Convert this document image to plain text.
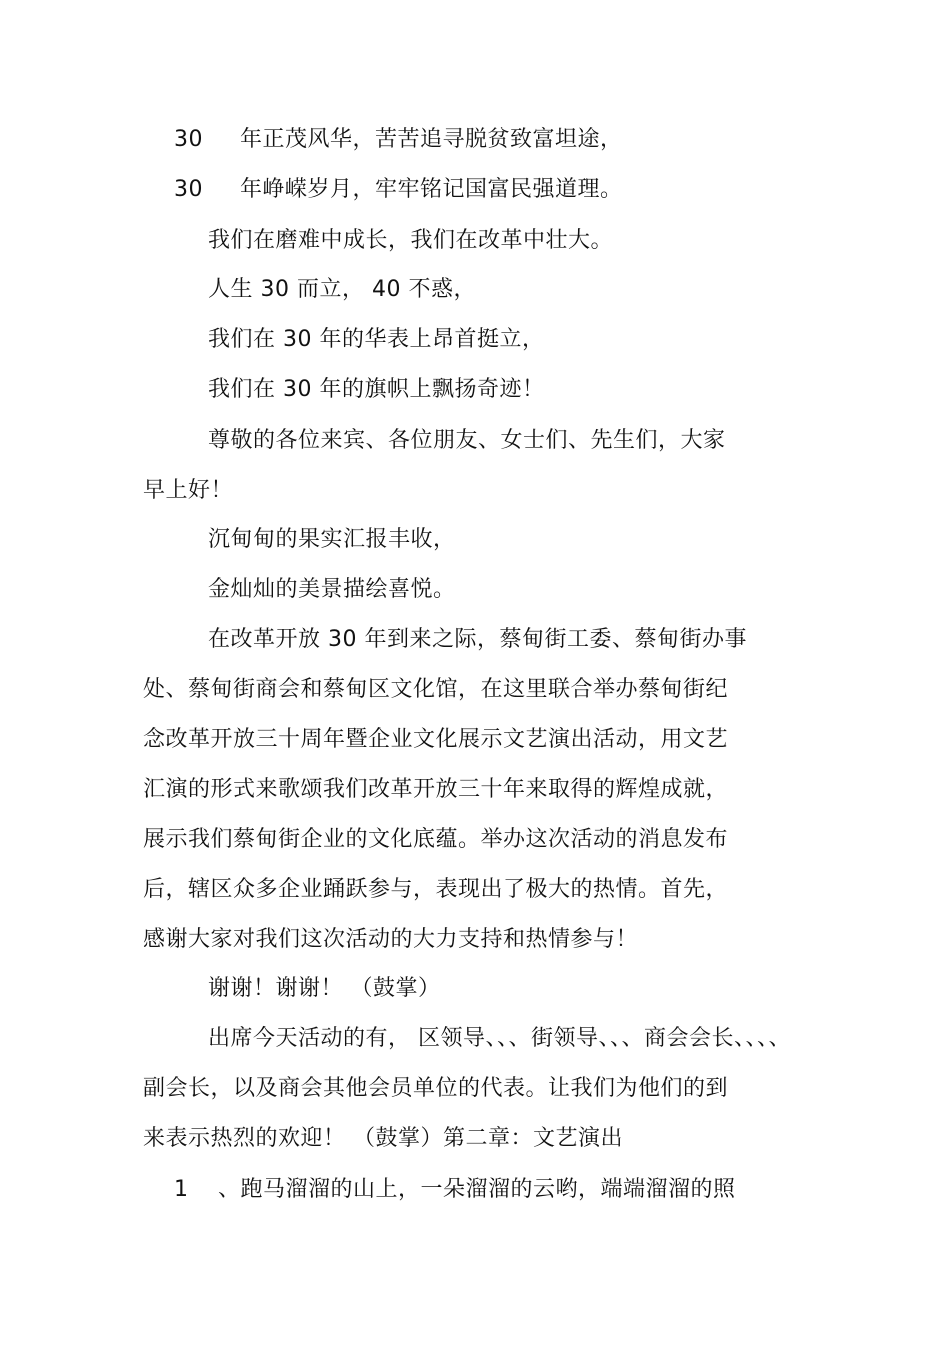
30 年正茂风华，苦苦追寻脱贫致富坦途，
30 年峥嵘岁月，牢牢铭记国富民强道理。
我们在磨难中成长，我们在改革中壮大。
人生 30 而立， 40 不惑，
我们在 30 年的华表上昂首挺立，
我们在 30 年的旗帜上飘扬奇迹！
尊敬的各位来宾、各位朋友、女士们、先生们，大家
早上好！
沉甸甸的果实汇报丰收，
金灿灿的美景描绘喜悦。
在改革开放 30 年到来之际，蔡甸街工委、蔡甸街办事
处、蔡甸街商会和蔡甸区文化馆，在这里联合举办蔡甸街纪
念改革开放三十周年暨企业文化展示文艺演出活动，用文艺
汇演的形式来歌颂我们改革开放三十年来取得的辉煌成就，
展示我们蔡甸街企业的文化底蕴。举办这次活动的消息发布
后，辖区众多企业踊跃参与，表现出了极大的热情。首先，
感谢大家对我们这次活动的大力支持和热情参与！
谢谢！谢谢！ （鼓掌）
出席今天活动的有， 区领导、、、街领导、、、商会会长、、、、
副会长，以及商会其他会员单位的代表。让我们为他们的到
来表示热烈的欢迎！ （鼓掌）第二章：文艺演出
1 、跑马溜溜的山上，一朵溜溜的云哟，端端溜溜的照
